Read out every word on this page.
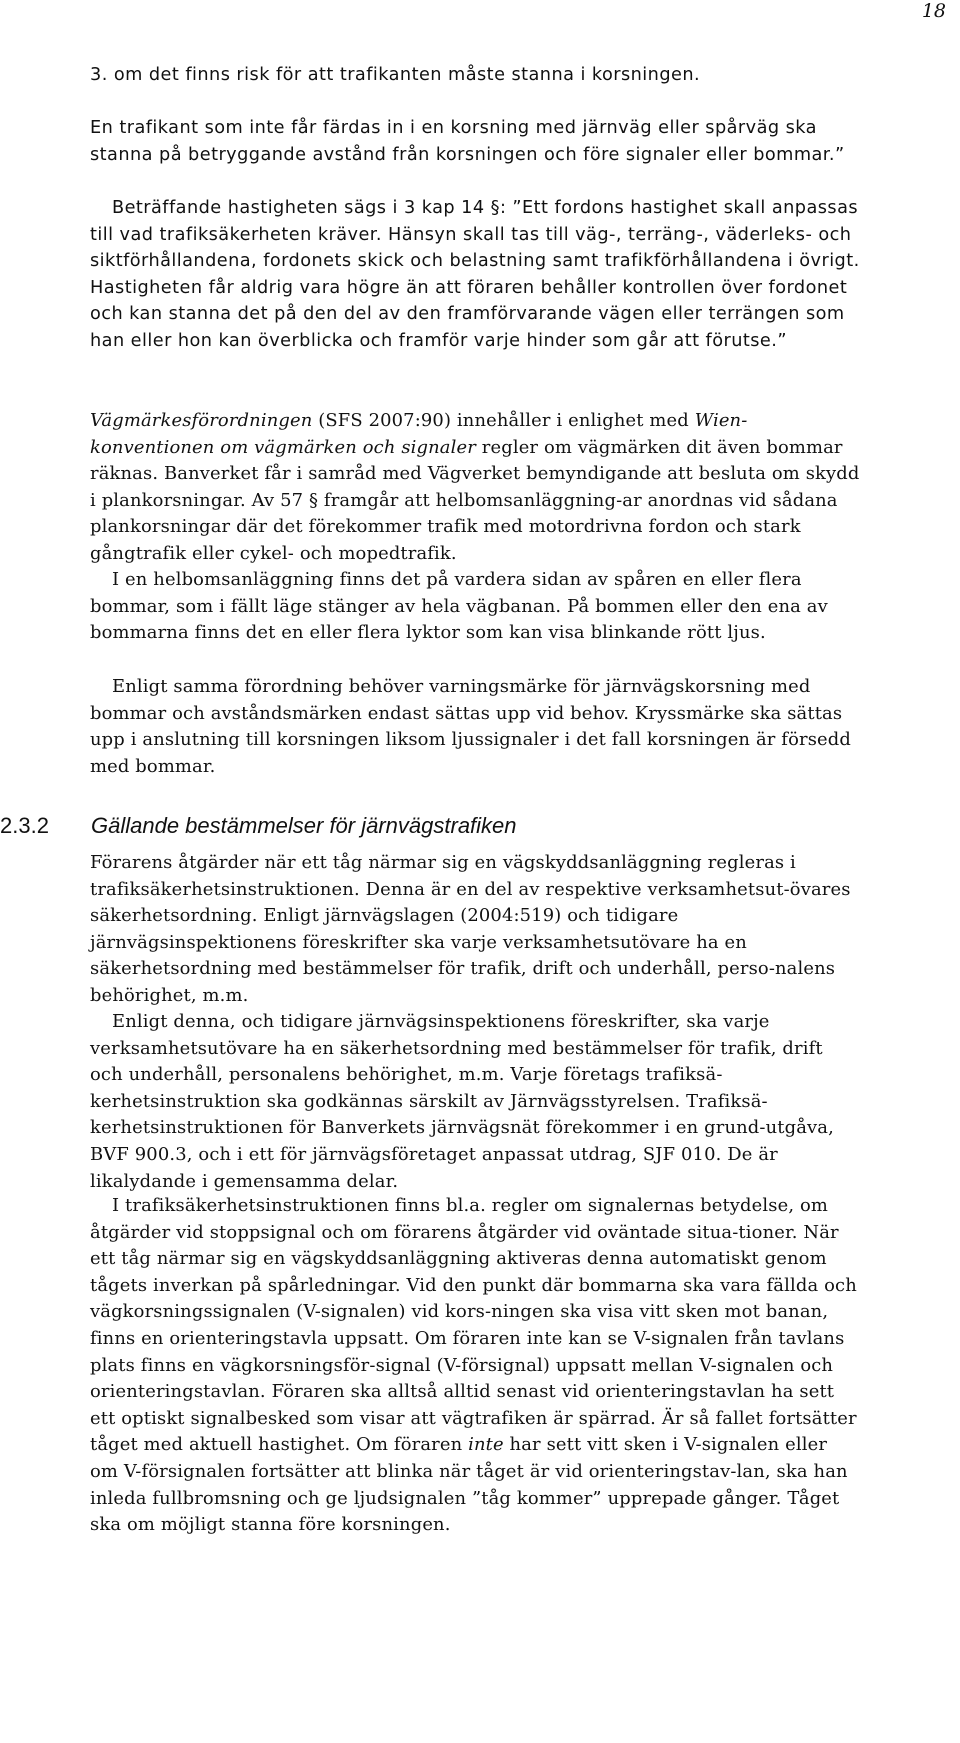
18

3. om det finns risk för att trafikanten måste stanna i korsningen.

En trafikant som inte får färdas in i en korsning med järnväg eller spårväg ska stanna på betryggande avstånd från korsningen och före signaler eller bommar.”

Beträffande hastigheten sägs i 3 kap 14 §: ”Ett fordons hastighet skall anpassas till vad trafiksäkerheten kräver. Hänsyn skall tas till väg-, terräng-, väderleks- och siktförhållandena, fordonets skick och belastning samt trafikförhållandena i övrigt. Hastigheten får aldrig vara högre än att föraren behåller kontrollen över fordonet och kan stanna det på den del av den framförvarande vägen eller terrängen som han eller hon kan överblicka och framför varje hinder som går att förutse.”

Vägmärkesförordningen (SFS 2007:90) innehåller i enlighet med Wien-konventionen om vägmärken och signaler regler om vägmärken dit även bommar räknas. Banverket får i samråd med Vägverket bemyndigande att besluta om skydd i plankorsningar. Av 57 § framgår att helbomsanläggning-ar anordnas vid sådana plankorsningar där det förekommer trafik med motordrivna fordon och stark gångtrafik eller cykel- och mopedtrafik.

I en helbomsanläggning finns det på vardera sidan av spåren en eller flera bommar, som i fällt läge stänger av hela vägbanan. På bommen eller den ena av bommarna finns det en eller flera lyktor som kan visa blinkande rött ljus.

Enligt samma förordning behöver varningsmärke för järnvägskorsning med bommar och avståndsmärken endast sättas upp vid behov. Kryssmärke ska sättas upp i anslutning till korsningen liksom ljussignaler i det fall korsningen är försedd med bommar.

2.3.2 Gällande bestämmelser för järnvägstrafiken

Förarens åtgärder när ett tåg närmar sig en vägskyddsanläggning regleras i trafiksäkerhetsinstruktionen. Denna är en del av respektive verksamhetsut-övares säkerhetsordning. Enligt järnvägslagen (2004:519) och tidigare järnvägsinspektionens föreskrifter ska varje verksamhetsutövare ha en säkerhetsordning med bestämmelser för trafik, drift och underhåll, perso-nalens behörighet, m.m.

Enligt denna, och tidigare järnvägsinspektionens föreskrifter, ska varje verksamhetsutövare ha en säkerhetsordning med bestämmelser för trafik, drift och underhåll, personalens behörighet, m.m. Varje företags trafiksä-kerhetsinstruktion ska godkännas särskilt av Järnvägsstyrelsen. Trafiksä-kerhetsinstruktionen för Banverkets järnvägsnät förekommer i en grund-utgåva, BVF 900.3, och i ett för järnvägsföretaget anpassat utdrag, SJF 010. De är likalydande i gemensamma delar.

I trafiksäkerhetsinstruktionen finns bl.a. regler om signalernas betydelse, om åtgärder vid stoppsignal och om förarens åtgärder vid oväntade situa-tioner. När ett tåg närmar sig en vägskyddsanläggning aktiveras denna automatiskt genom tågets inverkan på spårledningar. Vid den punkt där bommarna ska vara fällda och vägkorsningssignalen (V-signalen) vid kors-ningen ska visa vitt sken mot banan, finns en orienteringstavla uppsatt. Om föraren inte kan se V-signalen från tavlans plats finns en vägkorsningsför-signal (V-försignal) uppsatt mellan V-signalen och orienteringstavlan. Föraren ska alltså alltid senast vid orienteringstavlan ha sett ett optiskt signalbesked som visar att vägtrafiken är spärrad. Är så fallet fortsätter tåget med aktuell hastighet. Om föraren inte har sett vitt sken i V-signalen eller om V-försignalen fortsätter att blinka när tåget är vid orienteringstav-lan, ska han inleda fullbromsning och ge ljudsignalen ”tåg kommer” upprepade gånger. Tåget ska om möjligt stanna före korsningen.
